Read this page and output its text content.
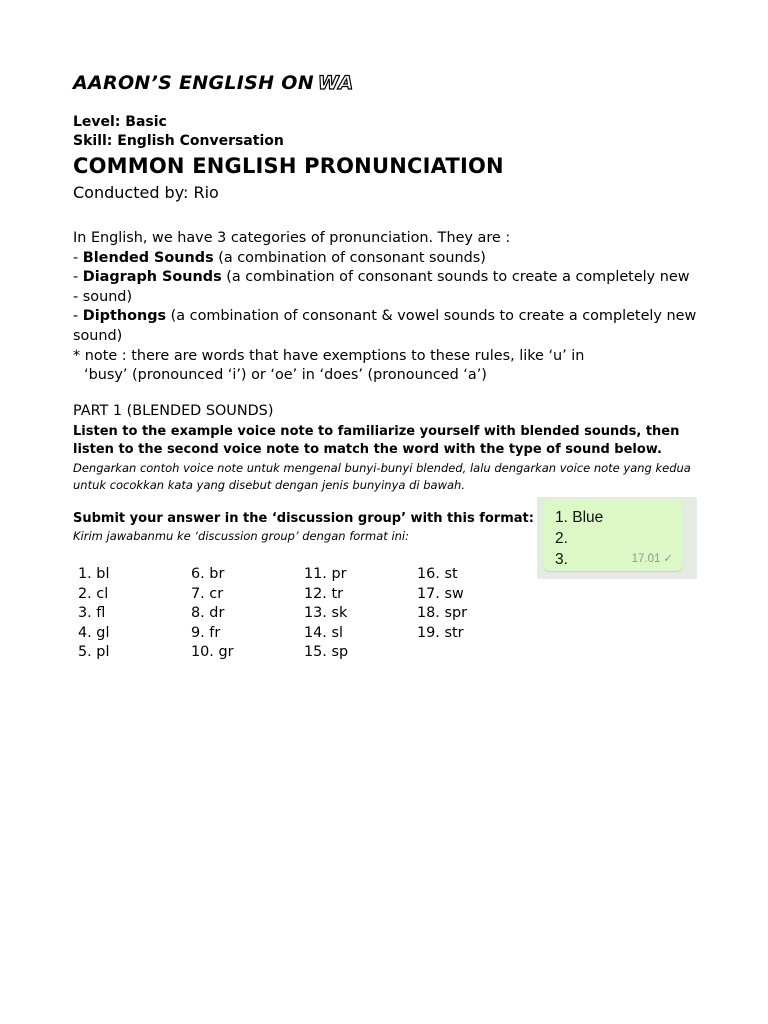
AARON’S ENGLISH ON WA
Level: Basic
Skill: English Conversation
COMMON ENGLISH PRONUNCIATION
Conducted by: Rio

In English, we have 3 categories of pronunciation. They are :

- Blended Sounds (a combination of consonant sounds)

- Diagraph Sounds (a combination of consonant sounds to create a completely new - sound)

- Dipthongs (a combination of consonant & vowel sounds to create a completely new sound)

* note : there are words that have exemptions to these rules, like ‘u’ in

‘busy’ (pronounced ‘i’) or ‘oe’ in ‘does’ (pronounced ‘a’)

PART 1 (BLENDED SOUNDS)
Listen to the example voice note to familiarize yourself with blended sounds, then listen to the second voice note to match the word with the type of sound below.
Dengarkan contoh voice note untuk mengenal bunyi-bunyi blended, lalu dengarkan voice note yang kedua untuk cocokkan kata yang disebut dengan jenis bunyinya di bawah.
Submit your answer in the ‘discussion group’ with this format:
Kirim jawabanmu ke ‘discussion group’ dengan format ini:
1. bl
2. cl
3. fl
4. gl
5. pl
6. br
7. cr
8. dr
9. fr
10. gr
11. pr
12. tr
13. sk
14. sl
15. sp
16. st
17. sw
18. spr
19. str
1. Blue
2.
3.	17.01 ✓
